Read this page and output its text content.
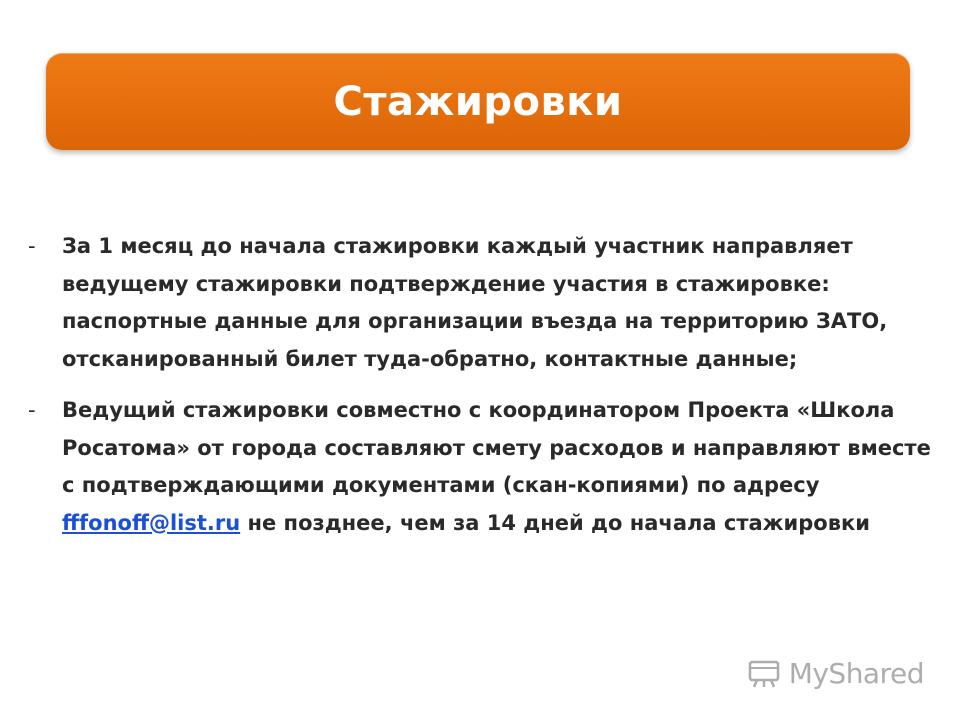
Стажировки
- За 1 месяц до начала стажировки каждый участник направляет ведущему стажировки подтверждение участия в стажировке: паспортные данные для организации въезда на территорию ЗАТО, отсканированный билет туда-обратно, контактные данные;
- Ведущий стажировки совместно с координатором Проекта «Школа Росатома» от города составляют смету расходов и направляют вместе с подтверждающими документами (скан-копиями) по адресу fffonoff@list.ru не позднее, чем за 14 дней до начала стажировки
MyShared
